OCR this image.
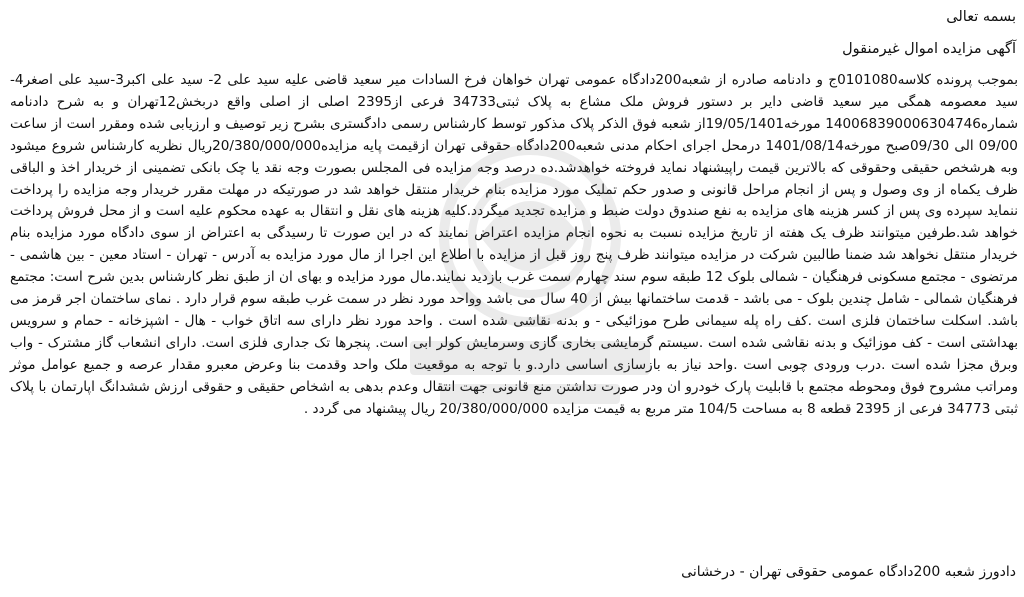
بسمه تعالی

آگهی مزایده اموال غیرمنقول

بموجب پرونده کلاسه0101080ج و دادنامه صادره از شعبه200دادگاه عمومی تهران خواهان فرخ السادات میر سعید قاضی علیه سید علی 2- سید علی اکبر3-سید علی اصغر4- سید معصومه همگی میر سعید قاضی دایر بر دستور فروش ملک مشاع به پلاک ثبتی34733 فرعی از2395 اصلی از اصلی واقع دربخش12تهران و به شرح دادنامه شماره140068390006304746 مورخه19/05/1401از شعبه فوق الذکر پلاک مذکور توسط کارشناس رسمی دادگستری بشرح زیر توصیف و ارزیابی شده ومقرر است از ساعت 09/00 الی 09/30صبح مورخه1401/08/14 درمحل اجرای احکام مدنی شعبه200دادگاه حقوقی تهران ازقیمت پایه مزایده20/380/000/000ریال نظریه کارشناس شروع میشود وبه هرشخص حقیقی وحقوقی که بالاترین قیمت راپیشنهاد نماید فروخته خواهدشد.ده درصد وجه مزایده فی المجلس بصورت وجه نقد یا چک بانکی تضمینی از خریدار اخذ و الباقی ظرف یکماه از وی وصول و پس از انجام مراحل قانونی و صدور حکم تملیک مورد مزایده بنام خریدار منتقل خواهد شد در صورتیکه در مهلت مقرر خریدار وجه مزایده را پرداخت ننماید سپرده وی پس از کسر هزینه های مزایده به نفع صندوق دولت ضبط و مزایده تجدید میگردد.کلیه هزینه های نقل و انتقال به عهده محکوم علیه است و از محل فروش پرداخت خواهد شد.طرفین میتوانند ظرف یک هفته از تاریخ مزایده نسبت به نحوه انجام مزایده اعتراض نمایند که در این صورت تا رسیدگی به اعتراض از سوی دادگاه مورد مزایده بنام خریدار منتقل نخواهد شد ضمنا طالبین شرکت در مزایده میتوانند ظرف پنج روز قبل از مزایده با اطلاع این اجرا از مال مورد مزایده به آدرس - تهران - استاد معین - بین هاشمی - مرتضوی - مجتمع مسکونی فرهنگیان - شمالی بلوک 12 طبقه سوم سند چهارم سمت غرب بازدید نمایند.مال مورد مزایده و بهای ان از طبق نظر کارشناس بدین شرح است: مجتمع فرهنگیان شمالی - شامل چندین بلوک - می باشد - قدمت ساختمانها بیش از 40 سال می باشد وواحد مورد نظر در سمت غرب طبقه سوم قرار دارد . نمای ساختمان اجر قرمز می باشد. اسکلت ساختمان فلزی است .کف راه پله سیمانی طرح موزائیکی - و بدنه نقاشی شده است . واحد مورد نظر دارای سه اتاق خواب - هال - اشپزخانه - حمام و سرویس بهداشتی است - کف موزائیک و بدنه نقاشی شده است .سیستم گرمایشی بخاری گازی وسرمایش کولر ابی است. پنجرها تک جداری فلزی است. دارای انشعاب گاز مشترک - واب وبرق مجزا شده است .درب ورودی چوبی است .واحد نیاز به بازسازی اساسی دارد.و با توجه به موقعیت ملک واحد وقدمت بنا وعرض معبرو مقدار عرصه و جمیع عوامل موثر ومراتب مشروح فوق ومحوطه مجتمع با قابلیت پارک خودرو ان ودر صورت نداشتن منع قانونی جهت انتقال وعدم بدهی به اشخاص حقیقی و حقوقی ارزش ششدانگ اپارتمان با پلاک ثبتی 34773 فرعی از 2395 قطعه 8 به مساحت 104/5 متر مربع به قیمت مزایده 20/380/000/000 ریال پیشنهاد می گردد .

دادورز شعبه 200دادگاه عمومی حقوقی تهران - درخشانی
